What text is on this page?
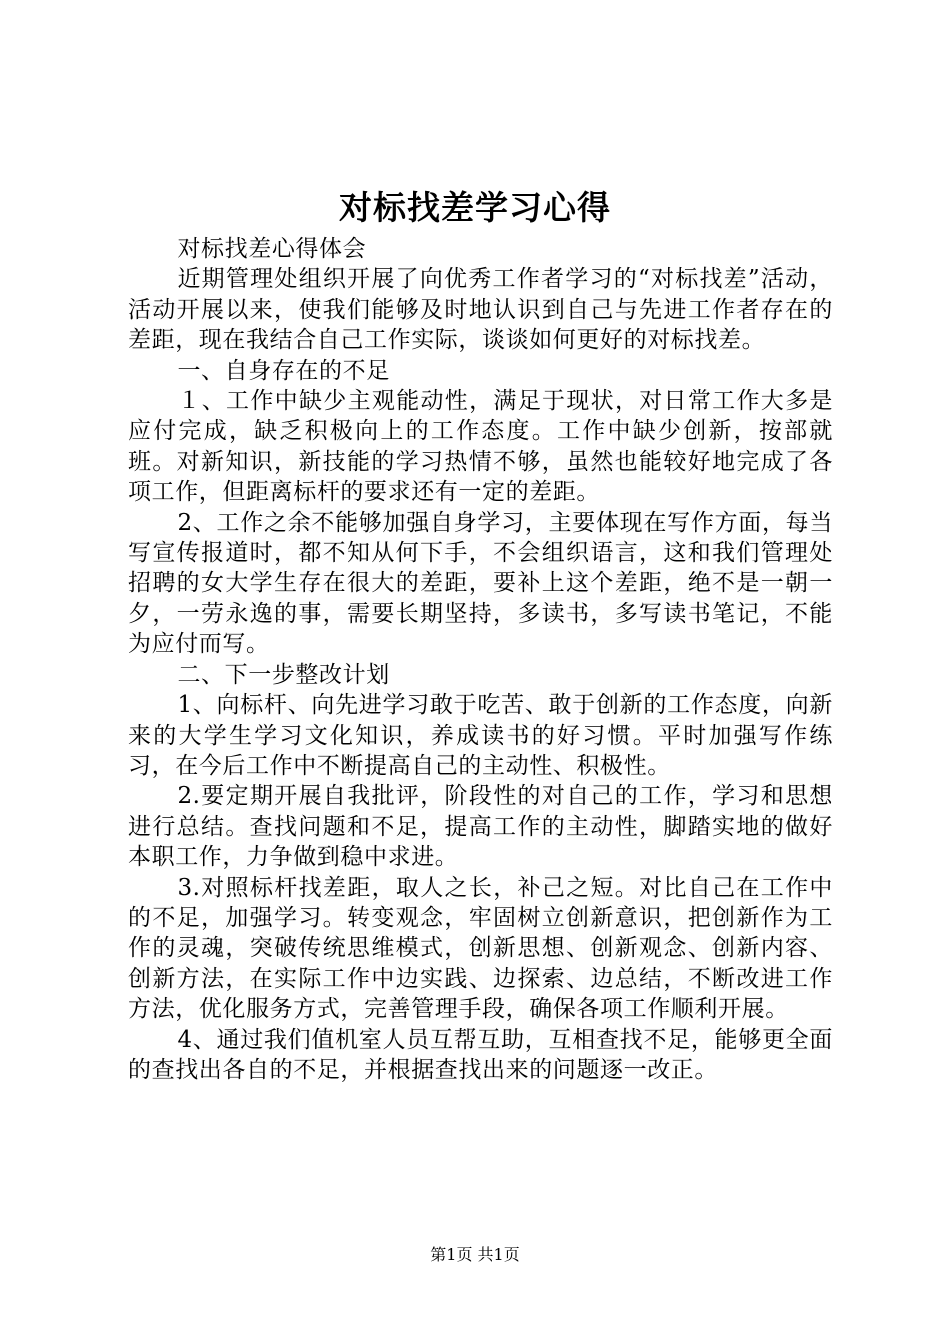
对标找差学习心得

对标找差心得体会

近期管理处组织开展了向优秀工作者学习的“对标找差”活动，活动开展以来，使我们能够及时地认识到自己与先进工作者存在的差距，现在我结合自己工作实际，谈谈如何更好的对标找差。

一、自身存在的不足

１、工作中缺少主观能动性，满足于现状，对日常工作大多是应付完成，缺乏积极向上的工作态度。工作中缺少创新，按部就班。对新知识，新技能的学习热情不够，虽然也能较好地完成了各项工作，但距离标杆的要求还有一定的差距。

2、工作之余不能够加强自身学习，主要体现在写作方面，每当写宣传报道时，都不知从何下手，不会组织语言，这和我们管理处招聘的女大学生存在很大的差距，要补上这个差距，绝不是一朝一夕，一劳永逸的事，需要长期坚持，多读书，多写读书笔记，不能为应付而写。

二、下一步整改计划

1、向标杆、向先进学习敢于吃苦、敢于创新的工作态度，向新来的大学生学习文化知识，养成读书的好习惯。平时加强写作练习，在今后工作中不断提高自己的主动性、积极性。

2.要定期开展自我批评，阶段性的对自己的工作，学习和思想进行总结。查找问题和不足，提高工作的主动性，脚踏实地的做好本职工作，力争做到稳中求进。

3.对照标杆找差距，取人之长，补己之短。对比自己在工作中的不足，加强学习。转变观念，牢固树立创新意识，把创新作为工作的灵魂，突破传统思维模式，创新思想、创新观念、创新内容、创新方法，在实际工作中边实践、边探索、边总结，不断改进工作方法，优化服务方式，完善管理手段，确保各项工作顺利开展。

4、通过我们值机室人员互帮互助，互相查找不足，能够更全面的查找出各自的不足，并根据查找出来的问题逐一改正。

第1页 共1页
